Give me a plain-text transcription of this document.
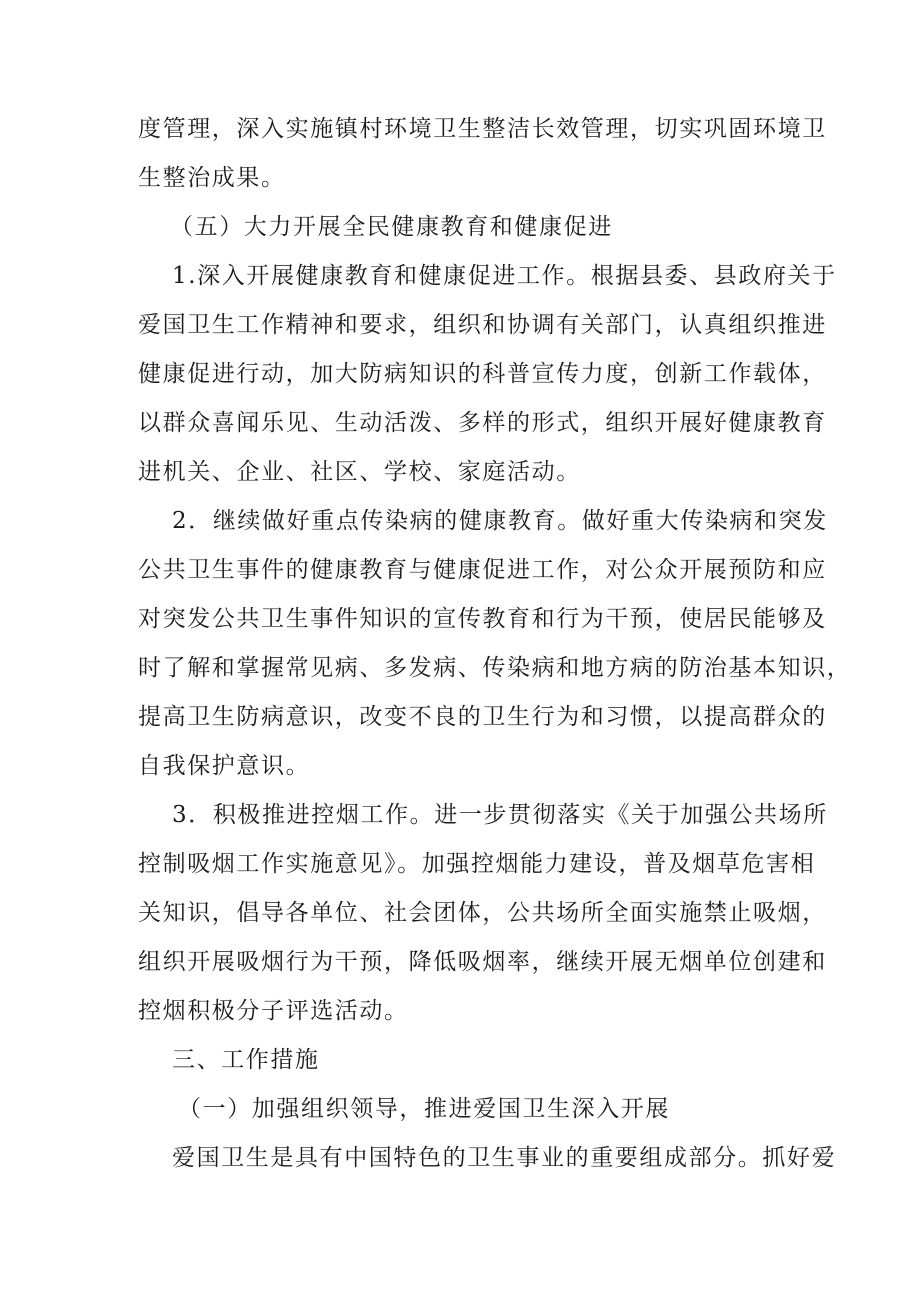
度管理，深入实施镇村环境卫生整洁长效管理，切实巩固环境卫
生整治成果。
（五）大力开展全民健康教育和健康促进
1.深入开展健康教育和健康促进工作。根据县委、县政府关于
爱国卫生工作精神和要求，组织和协调有关部门，认真组织推进
健康促进行动，加大防病知识的科普宣传力度，创新工作载体，
以群众喜闻乐见、生动活泼、多样的形式，组织开展好健康教育
进机关、企业、社区、学校、家庭活动。
2．继续做好重点传染病的健康教育。做好重大传染病和突发
公共卫生事件的健康教育与健康促进工作，对公众开展预防和应
对突发公共卫生事件知识的宣传教育和行为干预，使居民能够及
时了解和掌握常见病、多发病、传染病和地方病的防治基本知识，
提高卫生防病意识，改变不良的卫生行为和习惯，以提高群众的
自我保护意识。
3．积极推进控烟工作。进一步贯彻落实《关于加强公共场所
控制吸烟工作实施意见》。加强控烟能力建设，普及烟草危害相
关知识，倡导各单位、社会团体，公共场所全面实施禁止吸烟，
组织开展吸烟行为干预，降低吸烟率，继续开展无烟单位创建和
控烟积极分子评选活动。
三、工作措施
（一）加强组织领导，推进爱国卫生深入开展
爱国卫生是具有中国特色的卫生事业的重要组成部分。抓好爱
